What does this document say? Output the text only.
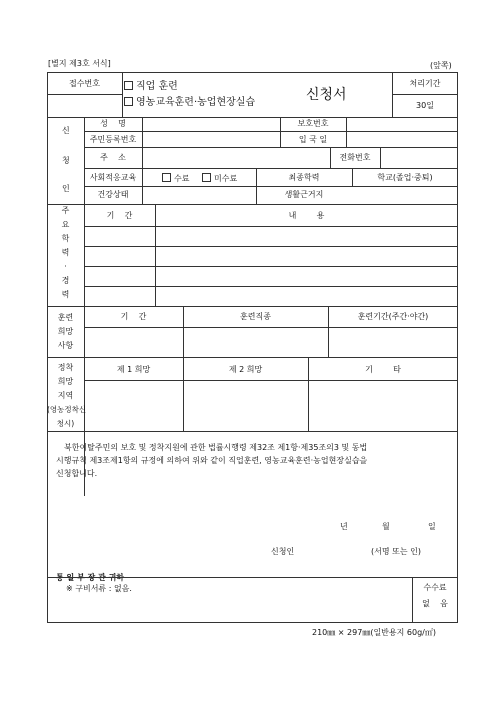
[별지 제3호 서식]	(앞쪽)
접수번호	직업 훈련
영농교육훈련·농업현장실습	신청서
처리기간
30일
신
청
인
성    명	보호번호
주민등록번호	입 국 일
주    소	전화번호
사회적응교육	수료	미수료	최종학력	학교(졸업·중퇴)
건강상태	생활근거지
주
요
학
력
·
경
력
기    간	내        용
훈련
희망
사항
기    간	훈련직종	훈련기간(주간·야간)
정착
희망
지역
(영농정착신
청시)
제 1 희망	제 2 희망	기        타
북한이탈주민의 보호 및 정착지원에 관한 법률시행령 제32조 제1항·제35조의3 및 동법
시행규칙 제3조제1항의 규정에 의하여 위와 같이 직업훈련, 영농교육훈련·농업현장실습을
신청합니다.
년	월	일
신청인	(서명 또는 인)
통 일 부 장 관 귀하
※ 구비서류 : 없음.	수수료
없    음
210㎜ × 297㎜(일반용지 60g/㎡)
